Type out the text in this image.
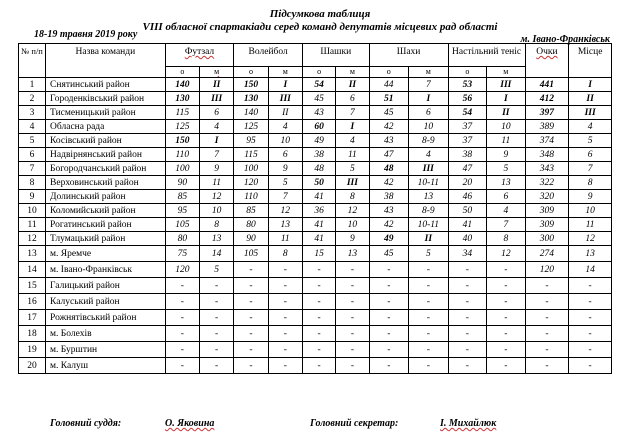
Підсумкова таблиця
VIII обласної спартакіади серед команд депутатів місцевих рад області
18-19 травня 2019 року	м. Івано-Франківськ
№ п/п	Назва команди	Футзал		Волейбол		Шашки		Шахи		Настільний теніс		Очки	Місце
		о	м	о	м	о	м	о	м	о	м		
1	Снятинський район	140	ІІ	150	І	54	ІІ	44	7	53	ІІІ	441	І
2	Городенківський район	130	ІІІ	130	ІІІ	45	6	51	І	56	І	412	ІІ
3	Тисменицький район	115	6	140	ІІ	43	7	45	6	54	ІІ	397	ІІІ
4	Обласна рада	125	4	125	4	60	І	42	10	37	10	389	4
5	Косівський район	150	І	95	10	49	4	43	8-9	37	11	374	5
6	Надвірнянський район	110	7	115	6	38	11	47	4	38	9	348	6
7	Богородчанський район	100	9	100	9	48	5	48	ІІІ	47	5	343	7
8	Верховинський район	90	11	120	5	50	ІІІ	42	10-11	20	13	322	8
9	Долинський район	85	12	110	7	41	8	38	13	46	6	320	9
10	Коломийський район	95	10	85	12	36	12	43	8-9	50	4	309	10
11	Рогатинський район	105	8	80	13	41	10	42	10-11	41	7	309	11
12	Тлумацький район	80	13	90	11	41	9	49	ІІ	40	8	300	12
13	м. Яремче	75	14	105	8	15	13	45	5	34	12	274	13
14	м. Івано-Франківськ	120	5	-	-	-	-	-	-	-	-	120	14
15	Галицький район	-	-	-	-	-	-	-	-	-	-	-	-
16	Калуський район	-	-	-	-	-	-	-	-	-	-	-	-
17	Рожнятівський район	-	-	-	-	-	-	-	-	-	-	-	-
18	м. Болехів	-	-	-	-	-	-	-	-	-	-	-	-
19	м. Бурштин	-	-	-	-	-	-	-	-	-	-	-	-
20	м. Калуш	-	-	-	-	-	-	-	-	-	-	-	-
Головний суддя:	О. Яковина	Головний секретар:	І. Михайлюк
